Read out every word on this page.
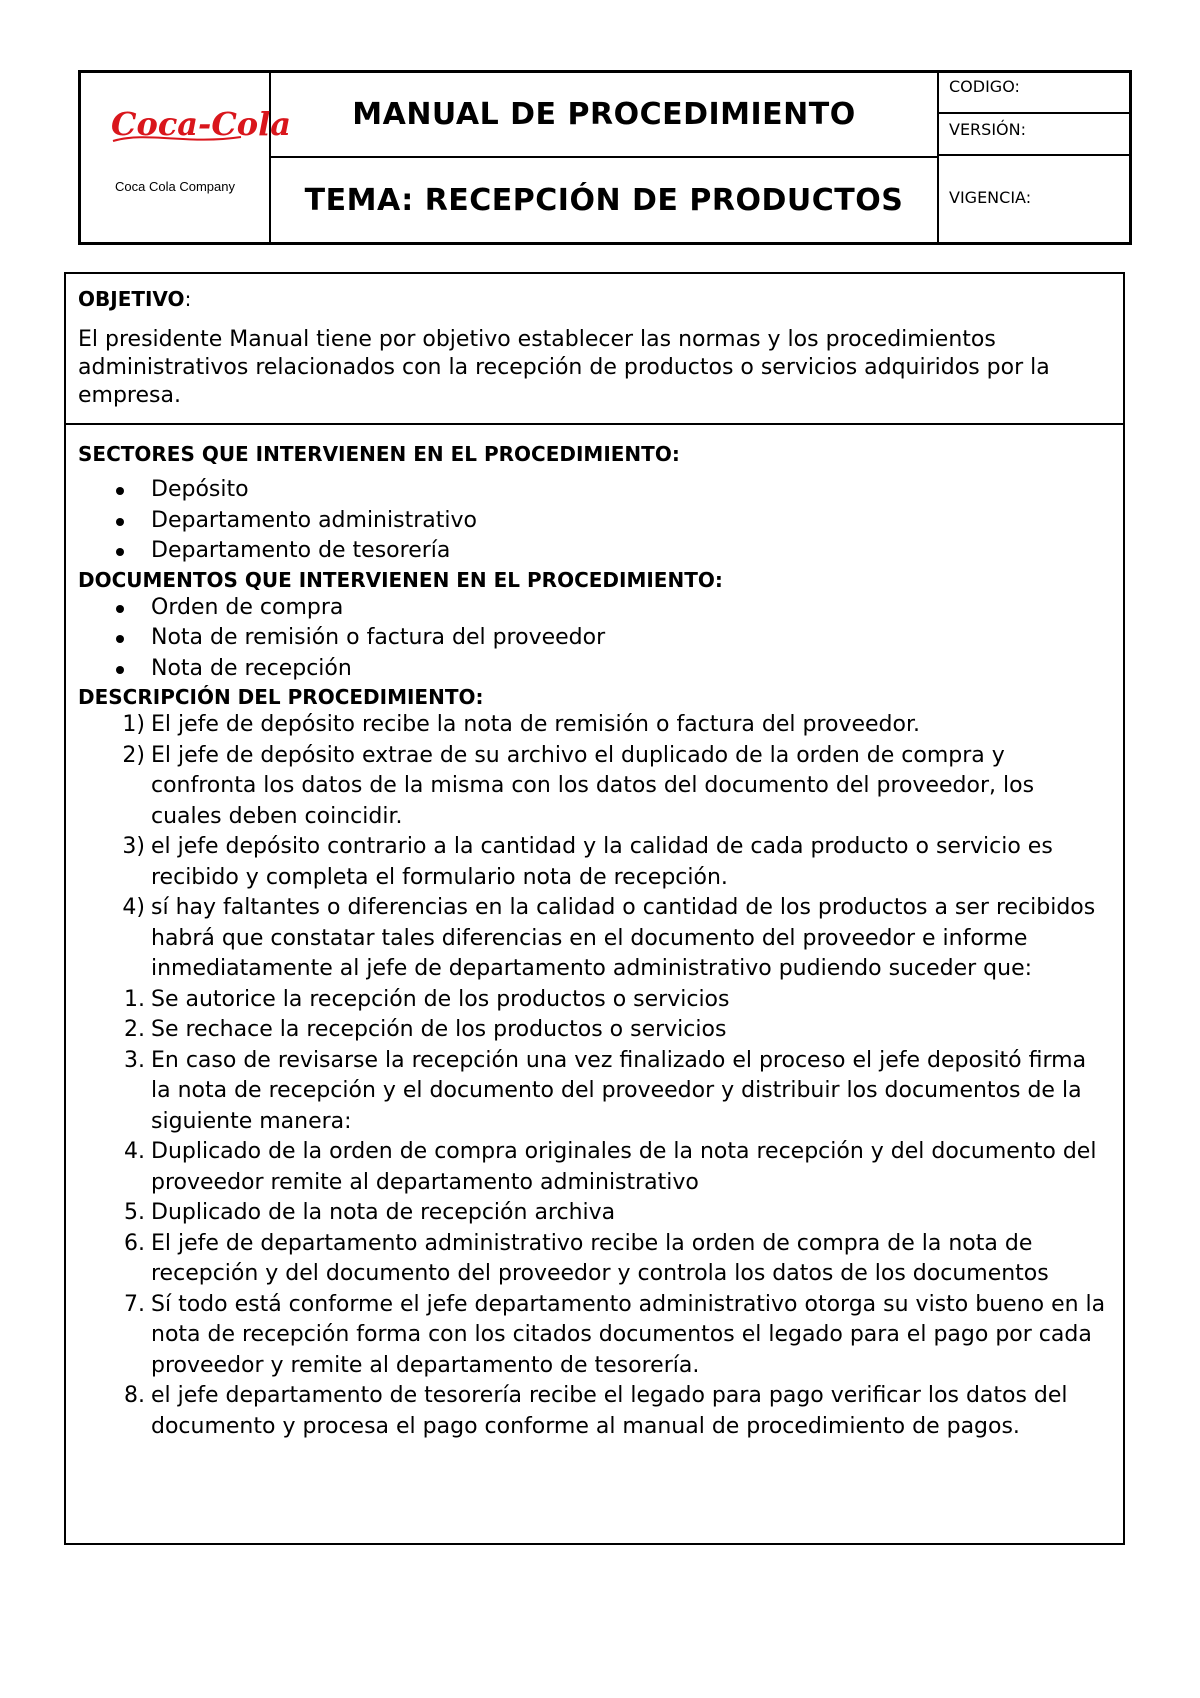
Coca-Cola
Coca Cola Company
MANUAL DE PROCEDIMIENTO
TEMA: RECEPCIÓN DE PRODUCTOS
CODIGO:
VERSIÓN:
VIGENCIA:
OBJETIVO:
El presidente Manual tiene por objetivo establecer las normas y los procedimientos administrativos relacionados con la recepción de productos o servicios adquiridos por la empresa.
SECTORES QUE INTERVIENEN EN EL PROCEDIMIENTO:
Depósito
Departamento administrativo
Departamento de tesorería
DOCUMENTOS QUE INTERVIENEN EN EL PROCEDIMIENTO:
Orden de compra
Nota de remisión o factura del proveedor
Nota de recepción
DESCRIPCIÓN DEL PROCEDIMIENTO:
1) El jefe de depósito recibe la nota de remisión o factura del proveedor.
2) El jefe de depósito extrae de su archivo el duplicado de la orden de compra y confronta los datos de la misma con los datos del documento del proveedor, los cuales deben coincidir.
3) el jefe depósito contrario a la cantidad y la calidad de cada producto o servicio es recibido y completa el formulario nota de recepción.
4) sí hay faltantes o diferencias en la calidad o cantidad de los productos a ser recibidos habrá que constatar tales diferencias en el documento del proveedor e informe inmediatamente al jefe de departamento administrativo pudiendo suceder que:
1. Se autorice la recepción de los productos o servicios
2. Se rechace la recepción de los productos o servicios
3. En caso de revisarse la recepción una vez finalizado el proceso el jefe depositó firma la nota de recepción y el documento del proveedor y distribuir los documentos de la siguiente manera:
4. Duplicado de la orden de compra originales de la nota recepción y del documento del proveedor remite al departamento administrativo
5. Duplicado de la nota de recepción archiva
6. El jefe de departamento administrativo recibe la orden de compra de la nota de recepción y del documento del proveedor y controla los datos de los documentos
7. Sí todo está conforme el jefe departamento administrativo otorga su visto bueno en la nota de recepción forma con los citados documentos el legado para el pago por cada proveedor y remite al departamento de tesorería.
8. el jefe departamento de tesorería recibe el legado para pago verificar los datos del documento y procesa el pago conforme al manual de procedimiento de pagos.
